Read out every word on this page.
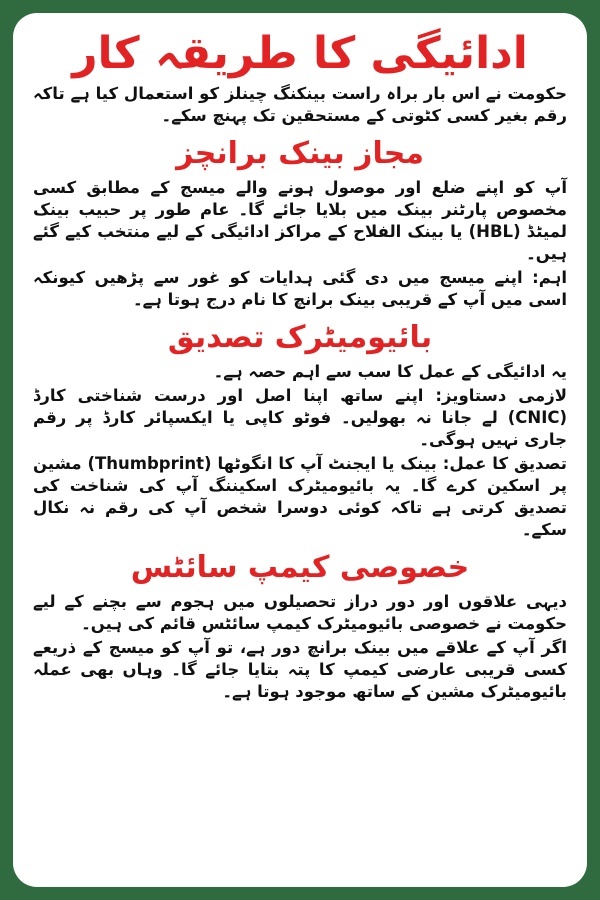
ادائیگی کا طریقہ کار

حکومت نے اس بار براہ راست بینکنگ چینلز کو استعمال کیا ہے تاکہ رقم بغیر کسی کٹوتی کے مستحقین تک پہنچ سکے۔

مجاز بینک برانچز

آپ کو اپنے ضلع اور موصول ہونے والے میسج کے مطابق کسی مخصوص پارٹنر بینک میں بلایا جائے گا۔ عام طور پر حبیب بینک لمیٹڈ (HBL) یا بینک الفلاح کے مراکز ادائیگی کے لیے منتخب کیے گئے ہیں۔

اہم: اپنے میسج میں دی گئی ہدایات کو غور سے پڑھیں کیونکہ اسی میں آپ کے قریبی بینک برانچ کا نام درج ہوتا ہے۔

بائیومیٹرک تصدیق

یہ ادائیگی کے عمل کا سب سے اہم حصہ ہے۔

لازمی دستاویز: اپنے ساتھ اپنا اصل اور درست شناختی کارڈ (CNIC) لے جانا نہ بھولیں۔ فوٹو کاپی یا ایکسپائر کارڈ پر رقم جاری نہیں ہوگی۔

تصدیق کا عمل: بینک یا ایجنٹ آپ کا انگوٹھا (Thumbprint) مشین پر اسکین کرے گا۔ یہ بائیومیٹرک اسکیننگ آپ کی شناخت کی تصدیق کرتی ہے تاکہ کوئی دوسرا شخص آپ کی رقم نہ نکال سکے۔

خصوصی کیمپ سائٹس

دیہی علاقوں اور دور دراز تحصیلوں میں ہجوم سے بچنے کے لیے حکومت نے خصوصی بائیومیٹرک کیمپ سائٹس قائم کی ہیں۔

اگر آپ کے علاقے میں بینک برانچ دور ہے، تو آپ کو میسج کے ذریعے کسی قریبی عارضی کیمپ کا پتہ بتایا جائے گا۔ وہاں بھی عملہ بائیومیٹرک مشین کے ساتھ موجود ہوتا ہے۔
